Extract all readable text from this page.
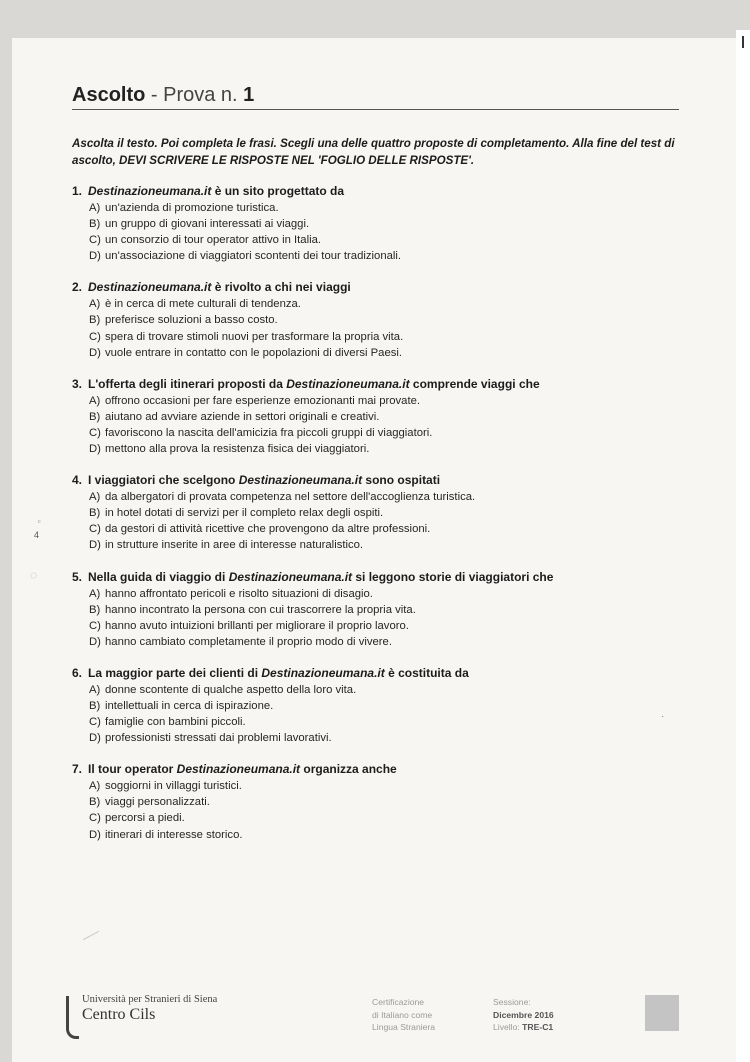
Ascolto - Prova n. 1
Ascolta il testo. Poi completa le frasi. Scegli una delle quattro proposte di completamento. Alla fine del test di ascolto, DEVI SCRIVERE LE RISPOSTE NEL 'FOGLIO DELLE RISPOSTE'.
1. Destinazioneumana.it è un sito progettato da
A) un'azienda di promozione turistica.
B) un gruppo di giovani interessati ai viaggi.
C) un consorzio di tour operator attivo in Italia.
D) un'associazione di viaggiatori scontenti dei tour tradizionali.
2. Destinazioneumana.it è rivolto a chi nei viaggi
A) è in cerca di mete culturali di tendenza.
B) preferisce soluzioni a basso costo.
C) spera di trovare stimoli nuovi per trasformare la propria vita.
D) vuole entrare in contatto con le popolazioni di diversi Paesi.
3. L'offerta degli itinerari proposti da Destinazioneumana.it comprende viaggi che
A) offrono occasioni per fare esperienze emozionanti mai provate.
B) aiutano ad avviare aziende in settori originali e creativi.
C) favoriscono la nascita dell'amicizia fra piccoli gruppi di viaggiatori.
D) mettono alla prova la resistenza fisica dei viaggiatori.
4. I viaggiatori che scelgono Destinazioneumana.it sono ospitati
A) da albergatori di provata competenza nel settore dell'accoglienza turistica.
B) in hotel dotati di servizi per il completo relax degli ospiti.
C) da gestori di attività ricettive che provengono da altre professioni.
D) in strutture inserite in aree di interesse naturalistico.
5. Nella guida di viaggio di Destinazioneumana.it si leggono storie di viaggiatori che
A) hanno affrontato pericoli e risolto situazioni di disagio.
B) hanno incontrato la persona con cui trascorrere la propria vita.
C) hanno avuto intuizioni brillanti per migliorare il proprio lavoro.
D) hanno cambiato completamente il proprio modo di vivere.
6. La maggior parte dei clienti di Destinazioneumana.it è costituita da
A) donne scontente di qualche aspetto della loro vita.
B) intellettuali in cerca di ispirazione.
C) famiglie con bambini piccoli.
D) professionisti stressati dai problemi lavorativi.
7. Il tour operator Destinazioneumana.it organizza anche
A) soggiorni in villaggi turistici.
B) viaggi personalizzati.
C) percorsi a piedi.
D) itinerari di interesse storico.
ᶜ
4
◌
·
Università per Stranieri di Siena
Centro Cils
Certificazione
di Italiano come
Lingua Straniera
Sessione:
Dicembre 2016
Livello: TRE-C1
